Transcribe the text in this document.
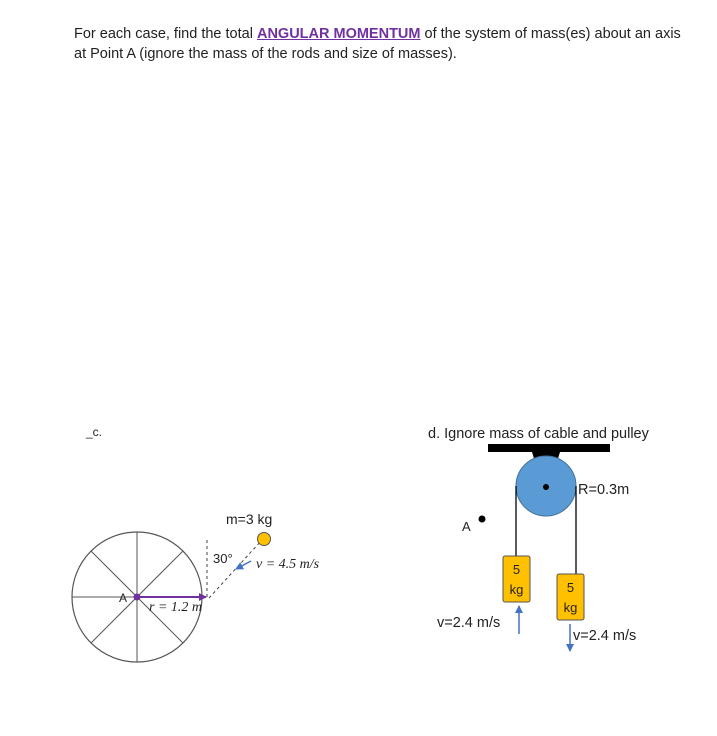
For each case, find the total ANGULAR MOMENTUM of the system of mass(es) about an axis at Point A (ignore the mass of the rods and size of masses).
_c.	d. Ignore mass of cable and pulley
A
m=3 kg
30° v = 4.5 m/s
r = 1.2 m
R=0.3m
5
kg	5
kg
A
v=2.4 m/s
v=2.4 m/s
